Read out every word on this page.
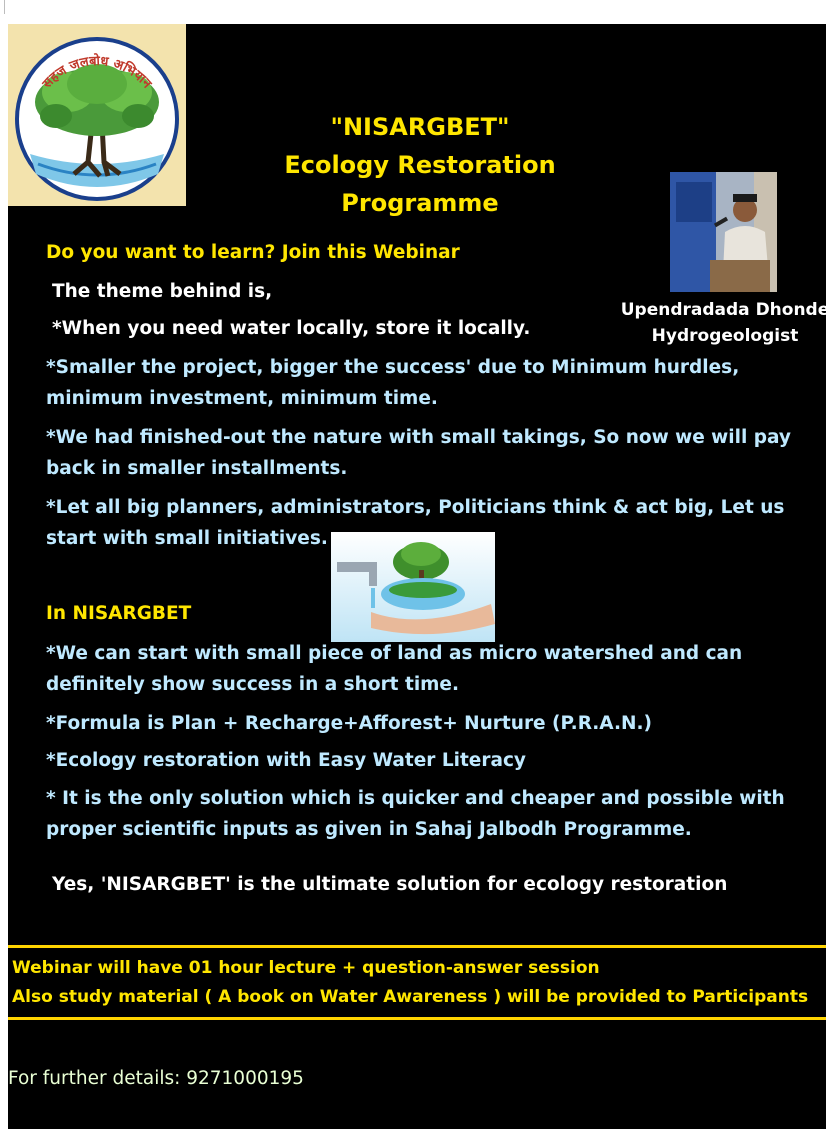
सहज जलबोध अभियान
"NISARGBET"
Ecology Restoration Programme
Upendradada Dhonde
Hydrogeologist
Do you want to learn? Join this Webinar
The theme behind is,
*When you need water locally, store it locally.
*Smaller the project, bigger the success' due to Minimum hurdles, minimum investment, minimum time.
*We had finished-out the nature with small takings, So now we will pay back in smaller installments.
*Let all big planners, administrators, Politicians think & act big, Let us start with small initiatives.
In NISARGBET
*We can start with small piece of land as micro watershed and can definitely show success in a short time.
*Formula is Plan + Recharge+Afforest+ Nurture (P.R.A.N.)
*Ecology restoration with Easy Water Literacy
* It is the only solution which is quicker and cheaper and possible with proper scientific inputs as given in Sahaj Jalbodh Programme.
Yes, 'NISARGBET' is the ultimate solution for ecology restoration
Webinar will have 01 hour lecture + question-answer session
Also study material ( A book on Water Awareness ) will be provided to Participants
For further details: 9271000195
